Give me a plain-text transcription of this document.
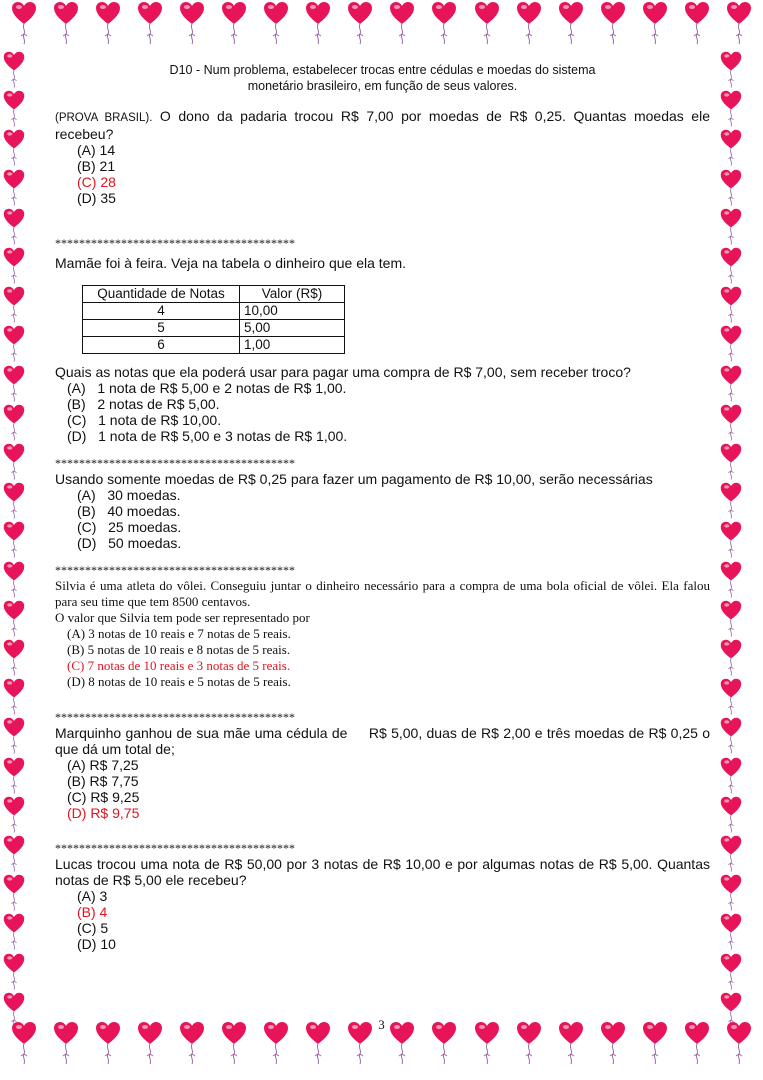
D10 - Num problema, estabelecer trocas entre cédulas e moedas do sistema
monetário brasileiro, em função de seus valores.

(PROVA BRASIL). O dono da padaria trocou R$ 7,00 por moedas de R$ 0,25. Quantas moedas ele recebeu?

(A) 14
(B) 21
(C) 28
(D) 35
****************************************

Mamãe foi à feira. Veja na tabela o dinheiro que ela tem.

Quantidade de Notas	Valor (R$)
4	10,00
5	5,00
6	1,00

Quais as notas que ela poderá usar para pagar uma compra de R$ 7,00, sem receber troco?

(A)   1 nota de R$ 5,00 e 2 notas de R$ 1,00.
(B)   2 notas de R$ 5,00.
(C)   1 nota de R$ 10,00.
(D)   1 nota de R$ 5,00 e 3 notas de R$ 1,00.
****************************************

Usando somente moedas de R$ 0,25 para fazer um pagamento de R$ 10,00, serão necessárias

(A)   30 moedas.
(B)   40 moedas.
(C)   25 moedas.
(D)   50 moedas.
****************************************

Silvia é uma atleta do vôlei. Conseguiu juntar o dinheiro necessário para a compra de uma bola oficial de vôlei. Ela falou para seu time que tem 8500 centavos.

O valor que Silvia tem pode ser representado por

(A) 3 notas de 10 reais e 7 notas de 5 reais.
(B) 5 notas de 10 reais e 8 notas de 5 reais.
(C) 7 notas de 10 reais e 3 notas de 5 reais.
(D) 8 notas de 10 reais e 5 notas de 5 reais.
****************************************

Marquinho ganhou de sua mãe uma cédula de     R$ 5,00, duas de R$ 2,00 e três moedas de R$ 0,25 o que dá um total de;

(A) R$ 7,25
(B) R$ 7,75
(C) R$ 9,25
(D) R$ 9,75
****************************************

Lucas trocou uma nota de R$ 50,00 por 3 notas de R$ 10,00 e por algumas notas de R$ 5,00. Quantas notas de R$ 5,00 ele recebeu?

(A) 3
(B) 4
(C) 5
(D) 10
3
